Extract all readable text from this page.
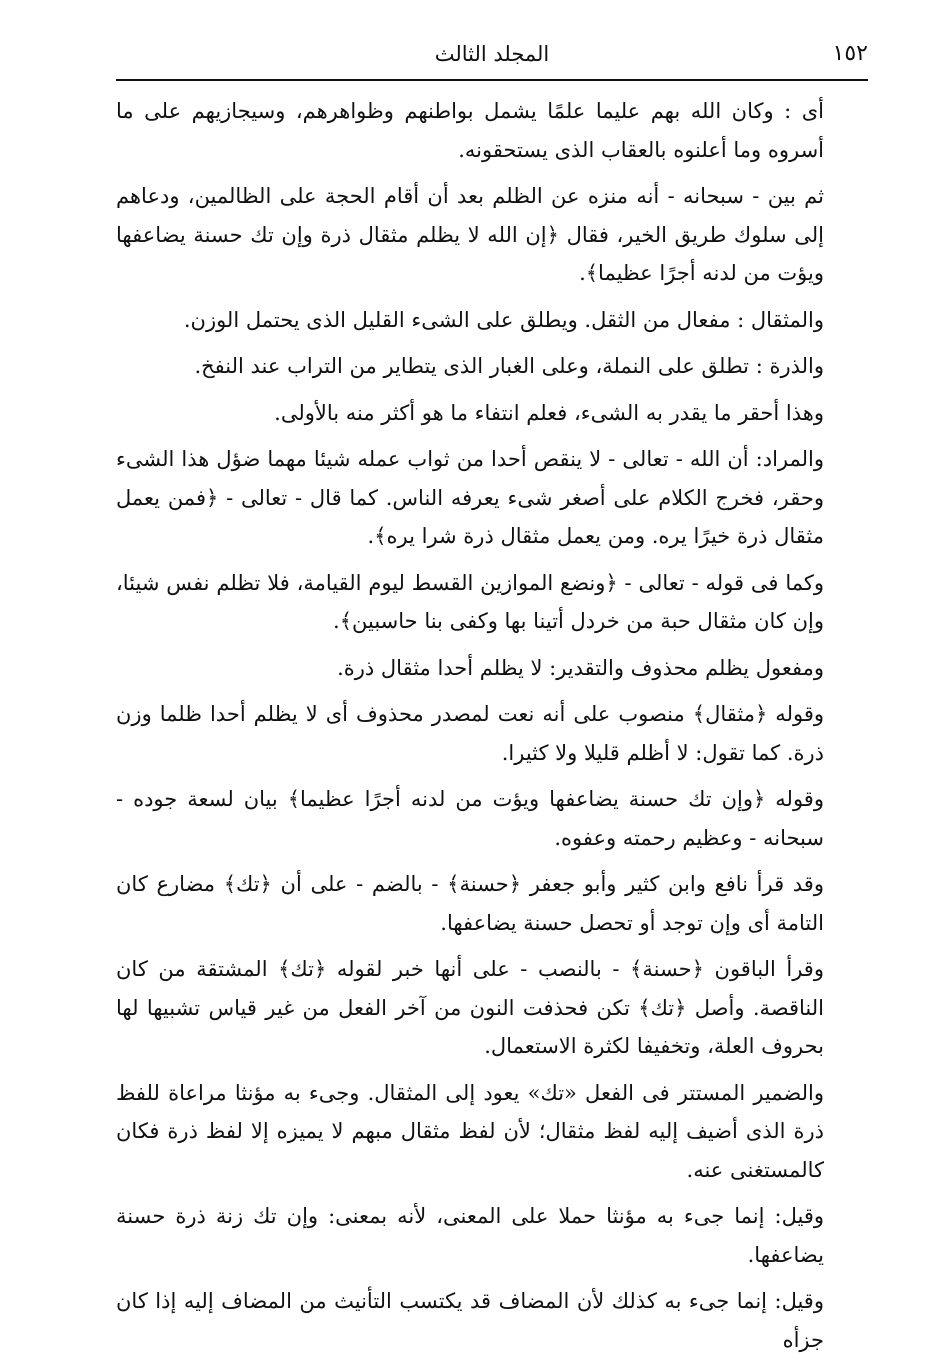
١٥٢
المجلد الثالث

أى : وكان الله بهم عليما علمًا يشمل بواطنهم وظواهرهم، وسيجازيهم على ما أسروه وما أعلنوه بالعقاب الذى يستحقونه.

ثم بين - سبحانه - أنه منزه عن الظلم بعد أن أقام الحجة على الظالمين، ودعاهم إلى سلوك طريق الخير، فقال ﴿إن الله لا يظلم مثقال ذرة وإن تك حسنة يضاعفها ويؤت من لدنه أجرًا عظيما﴾.

والمثقال : مفعال من الثقل. ويطلق على الشىء القليل الذى يحتمل الوزن.

والذرة : تطلق على النملة، وعلى الغبار الذى يتطاير من التراب عند النفخ.

وهذا أحقر ما يقدر به الشىء، فعلم انتفاء ما هو أكثر منه بالأولى.

والمراد: أن الله - تعالى - لا ينقص أحدا من ثواب عمله شيئا مهما ضؤل هذا الشىء وحقر، فخرج الكلام على أصغر شىء يعرفه الناس. كما قال - تعالى - ﴿فمن يعمل مثقال ذرة خيرًا يره. ومن يعمل مثقال ذرة شرا يره﴾.

وكما فى قوله - تعالى - ﴿ونضع الموازين القسط ليوم القيامة، فلا تظلم نفس شيئا، وإن كان مثقال حبة من خردل أتينا بها وكفى بنا حاسبين﴾.

ومفعول يظلم محذوف والتقدير: لا يظلم أحدا مثقال ذرة.

وقوله ﴿مثقال﴾ منصوب على أنه نعت لمصدر محذوف أى لا يظلم أحدا ظلما وزن ذرة. كما تقول: لا أظلم قليلا ولا كثيرا.

وقوله ﴿وإن تك حسنة يضاعفها ويؤت من لدنه أجرًا عظيما﴾ بيان لسعة جوده - سبحانه - وعظيم رحمته وعفوه.

وقد قرأ نافع وابن كثير وأبو جعفر ﴿حسنة﴾ - بالضم - على أن ﴿تك﴾ مضارع كان التامة أى وإن توجد أو تحصل حسنة يضاعفها.

وقرأ الباقون ﴿حسنة﴾ - بالنصب - على أنها خبر لقوله ﴿تك﴾ المشتقة من كان الناقصة. وأصل ﴿تك﴾ تكن فحذفت النون من آخر الفعل من غير قياس تشبيها لها بحروف العلة، وتخفيفا لكثرة الاستعمال.

والضمير المستتر فى الفعل «تك» يعود إلى المثقال. وجىء به مؤنثا مراعاة للفظ ذرة الذى أضيف إليه لفظ مثقال؛ لأن لفظ مثقال مبهم لا يميزه إلا لفظ ذرة فكان كالمستغنى عنه.

وقيل: إنما جىء به مؤنثا حملا على المعنى، لأنه بمعنى: وإن تك زنة ذرة حسنة يضاعفها.

وقيل: إنما جىء به كذلك لأن المضاف قد يكتسب التأنيث من المضاف إليه إذا كان جزأه
